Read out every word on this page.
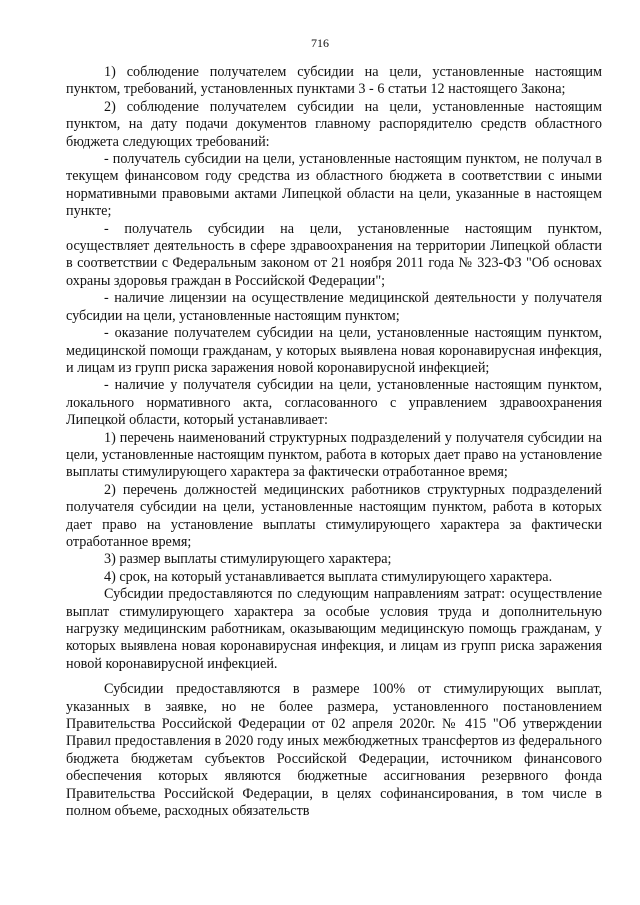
716

1) соблюдение получателем субсидии на цели, установленные настоящим пунктом, требований, установленных пунктами 3 - 6 статьи 12 настоящего Закона;

2) соблюдение получателем субсидии на цели, установленные настоящим пунктом, на дату подачи документов главному распорядителю средств областного бюджета следующих требований:

- получатель субсидии на цели, установленные настоящим пунктом, не получал в текущем финансовом году средства из областного бюджета в соответствии с иными нормативными правовыми актами Липецкой области на цели, указанные в настоящем пункте;

- получатель субсидии на цели, установленные настоящим пунктом, осуществляет деятельность в сфере здравоохранения на территории Липецкой области в соответствии с Федеральным законом от 21 ноября 2011 года № 323-ФЗ "Об основах охраны здоровья граждан в Российской Федерации";

- наличие лицензии на осуществление медицинской деятельности у получателя субсидии на цели, установленные настоящим пунктом;

- оказание получателем субсидии на цели, установленные настоящим пунктом, медицинской помощи гражданам, у которых выявлена новая коронавирусная инфекция, и лицам из групп риска заражения новой коронавирусной инфекцией;

- наличие у получателя субсидии на цели, установленные настоящим пунктом, локального нормативного акта, согласованного с управлением здравоохранения Липецкой области, который устанавливает:

1) перечень наименований структурных подразделений у получателя субсидии на цели, установленные настоящим пунктом, работа в которых дает право на установление выплаты стимулирующего характера за фактически отработанное время;

2) перечень должностей медицинских работников структурных подразделений получателя субсидии на цели, установленные настоящим пунктом, работа в которых дает право на установление выплаты стимулирующего характера за фактически отработанное время;

3) размер выплаты стимулирующего характера;

4) срок, на который устанавливается выплата стимулирующего характера.

Субсидии предоставляются по следующим направлениям затрат: осуществление выплат стимулирующего характера за особые условия труда и дополнительную нагрузку медицинским работникам, оказывающим медицинскую помощь гражданам, у которых выявлена новая коронавирусная инфекция, и лицам из групп риска заражения новой коронавирусной инфекцией.

Субсидии предоставляются в размере 100% от стимулирующих выплат, указанных в заявке, но не более размера, установленного постановлением Правительства Российской Федерации от 02 апреля 2020г. № 415 "Об утверждении Правил предоставления в 2020 году иных межбюджетных трансфертов из федерального бюджета бюджетам субъектов Российской Федерации, источником финансового обеспечения которых являются бюджетные ассигнования резервного фонда Правительства Российской Федерации, в целях софинансирования, в том числе в полном объеме, расходных обязательств
